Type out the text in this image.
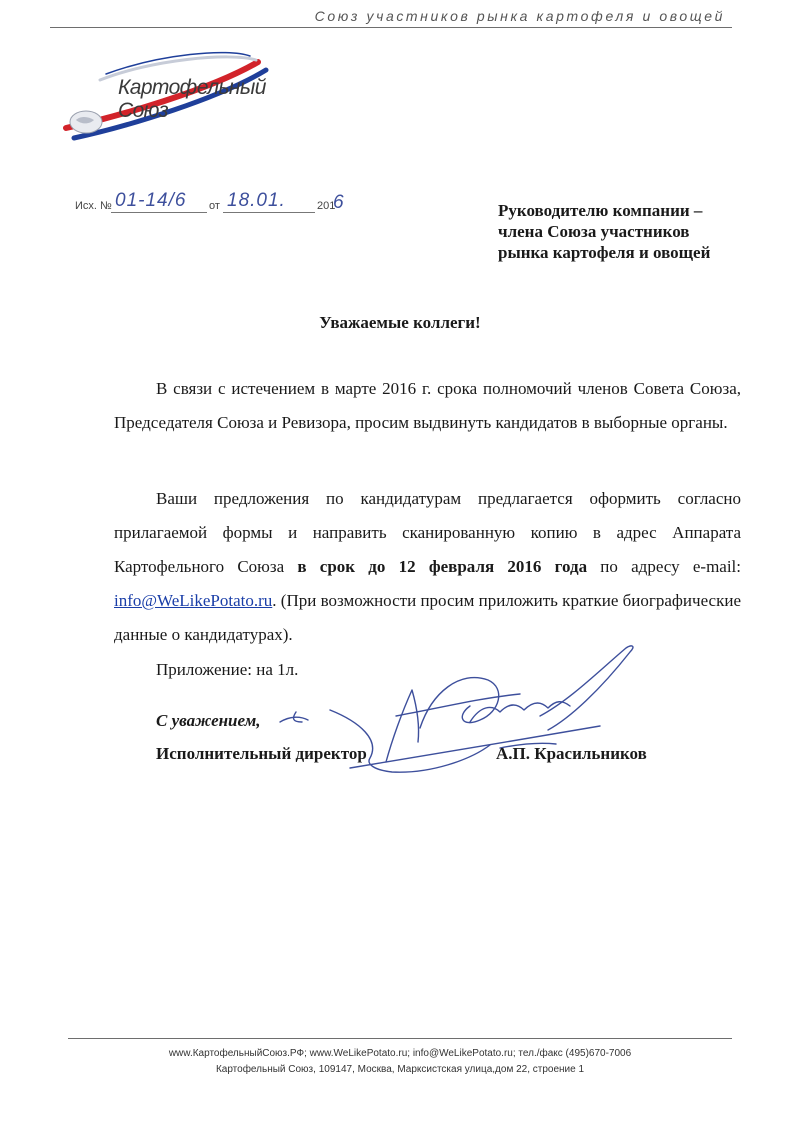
Союз участников рынка картофеля и овощей
Картофельный
Союз
Исх. № 01-14/6 от 18.01.	201
6	Руководителю компании –
члена Союза участников
рынка картофеля и овощей
Уважаемые коллеги!
В связи с истечением в марте 2016 г. срока полномочий членов Совета Союза, Председателя Союза и Ревизора, просим выдвинуть кандидатов в выборные органы.
Ваши предложения по кандидатурам предлагается оформить согласно прилагаемой формы и направить сканированную копию в адрес Аппарата Картофельного Союза в срок до 12 февраля 2016 года по адресу e-mail: info@WeLikePotato.ru. (При возможности просим приложить краткие биографические данные о кандидатурах).
Приложение: на 1л.
С уважением,
Исполнительный директор	А.П. Красильников
www.КартофельныйСоюз.РФ; www.WeLikePotato.ru; info@WeLikePotato.ru; тел./факс (495)670-7006
Картофельный Союз, 109147, Москва, Марксистская улица,дом 22, строение 1
